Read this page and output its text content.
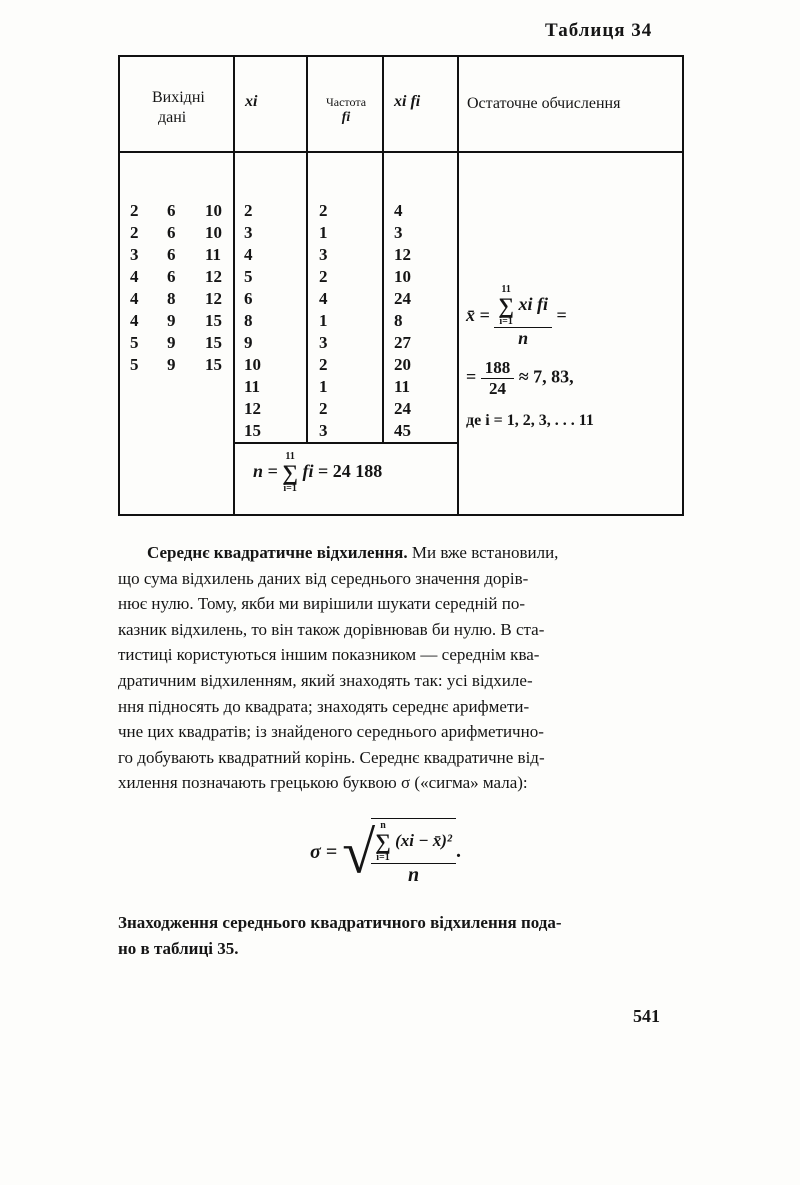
Таблиця 34
Вихідні
дані
xi	Частота
fi
xi fi	Остаточне обчислення
2 6 10
2 6 10
3 6 11
4 6 12
4 8 12
4 9 15
5 9 15
5 9 15
2
3
4
5
6
8
9
10
11
12
15
2
1
3
2
4
1
3
2
1
2
3
4
3
12
10
24
8
27
20
11
24
45
n =
11
∑
i=1
fi = 24 188
x̄ = 11
∑
i=1
xi fi
n =
= $\frac{188}{24} \approx 7$, 83,
де i = 1, 2, 3, . . . 11
Середнє квадратичне відхилення. Ми вже встановили,
що сума відхилень даних від середнього значення дорів-
нює нулю. Тому, якби ми вирішили шукати середній по-
казник відхилень, то він також дорівнював би нулю. В ста-
тистиці користуються іншим показником — середнім ква-
дратичним відхиленням, який знаходять так: усі відхиле-
ння підносять до квадрата; знаходять середнє арифмети-
чне цих квадратів; із знайденого середнього арифметично-
го добувають квадратний корінь. Середнє квадратичне від-
хилення позначають грецькою буквою σ («сигма» мала):
σ = √
n
∑
i=1
(xi − x̄)²
n .
Знаходження середнього квадратичного відхилення пода-
но в таблиці 35.
541
